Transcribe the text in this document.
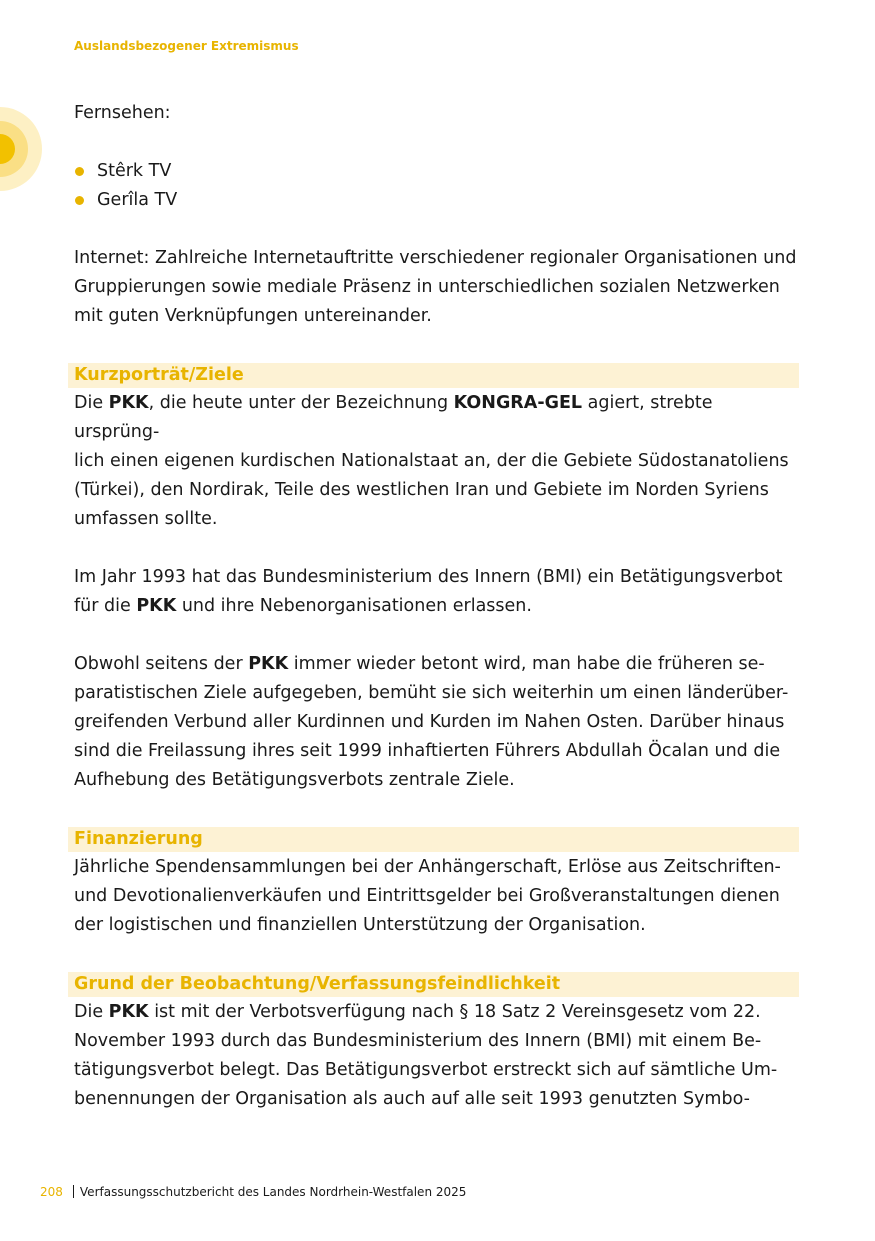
Auslandsbezogener Extremismus

Fernsehen:

Stêrk TV
Gerîla TV

Internet: Zahlreiche Internetauftritte verschiedener regionaler Organisationen und
Gruppierungen sowie mediale Präsenz in unterschiedlichen sozialen Netzwerken
mit guten Verknüpfungen untereinander.

Kurzporträt/Ziele

Die PKK, die heute unter der Bezeichnung KONGRA-GEL agiert, strebte ursprüng-
lich einen eigenen kurdischen Nationalstaat an, der die Gebiete Südostanatoliens
(Türkei), den Nordirak, Teile des westlichen Iran und Gebiete im Norden Syriens
umfassen sollte.

Im Jahr 1993 hat das Bundesministerium des Innern (BMI) ein Betätigungsverbot
für die PKK und ihre Nebenorganisationen erlassen.

Obwohl seitens der PKK immer wieder betont wird, man habe die früheren se-
paratistischen Ziele aufgegeben, bemüht sie sich weiterhin um einen länderüber-
greifenden Verbund aller Kurdinnen und Kurden im Nahen Osten. Darüber hinaus
sind die Freilassung ihres seit 1999 inhaftierten Führers Abdullah Öcalan und die
Aufhebung des Betätigungsverbots zentrale Ziele.

Finanzierung

Jährliche Spendensammlungen bei der Anhängerschaft, Erlöse aus Zeitschriften-
und Devotionalienverkäufen und Eintrittsgelder bei Großveranstaltungen dienen
der logistischen und finanziellen Unterstützung der Organisation.

Grund der Beobachtung/Verfassungsfeindlichkeit

Die PKK ist mit der Verbotsverfügung nach § 18 Satz 2 Vereinsgesetz vom 22.
November 1993 durch das Bundesministerium des Innern (BMI) mit einem Be-
tätigungsverbot belegt. Das Betätigungsverbot erstreckt sich auf sämtliche Um-
benennungen der Organisation als auch auf alle seit 1993 genutzten Symbo-

208 Verfassungsschutzbericht des Landes Nordrhein-Westfalen 2025
